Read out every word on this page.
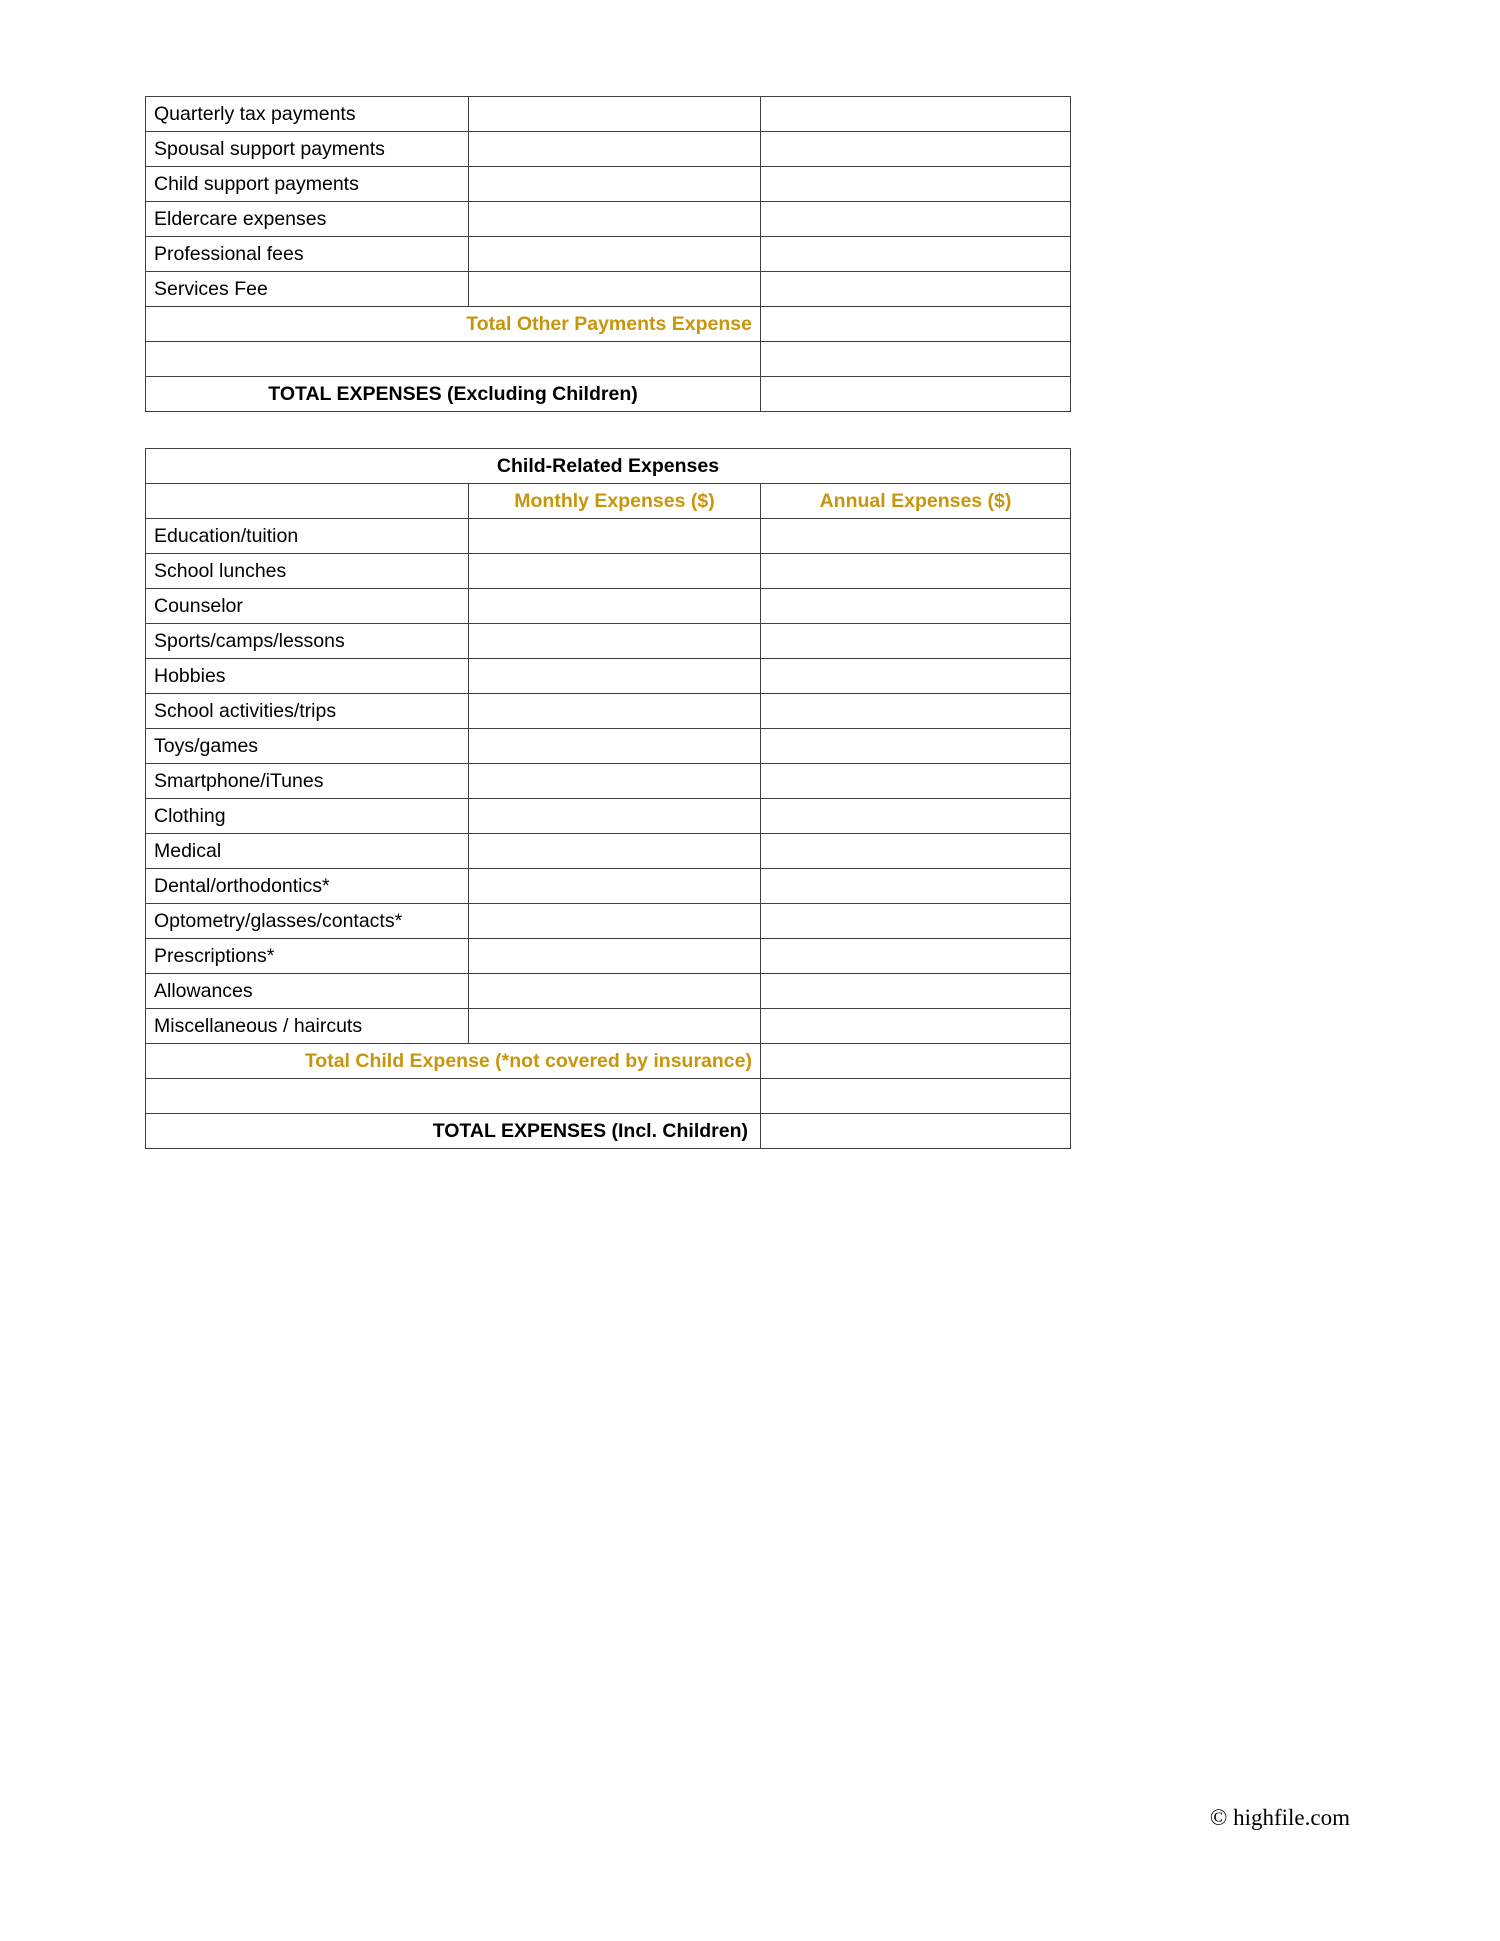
Quarterly tax payments		
Spousal support payments		
Child support payments		
Eldercare expenses		
Professional fees		
Services Fee		
Total Other Payments Expense		

TOTAL EXPENSES (Excluding Children)		
Child-Related Expenses		
	Monthly Expenses ($)	Annual Expenses ($)
Education/tuition		
School lunches		
Counselor		
Sports/camps/lessons		
Hobbies		
School activities/trips		
Toys/games		
Smartphone/iTunes		
Clothing		
Medical		
Dental/orthodontics*		
Optometry/glasses/contacts*		
Prescriptions*		
Allowances		
Miscellaneous / haircuts		
Total Child Expense (*not covered by insurance)		

TOTAL EXPENSES (Incl. Children)		
© highfile.com
